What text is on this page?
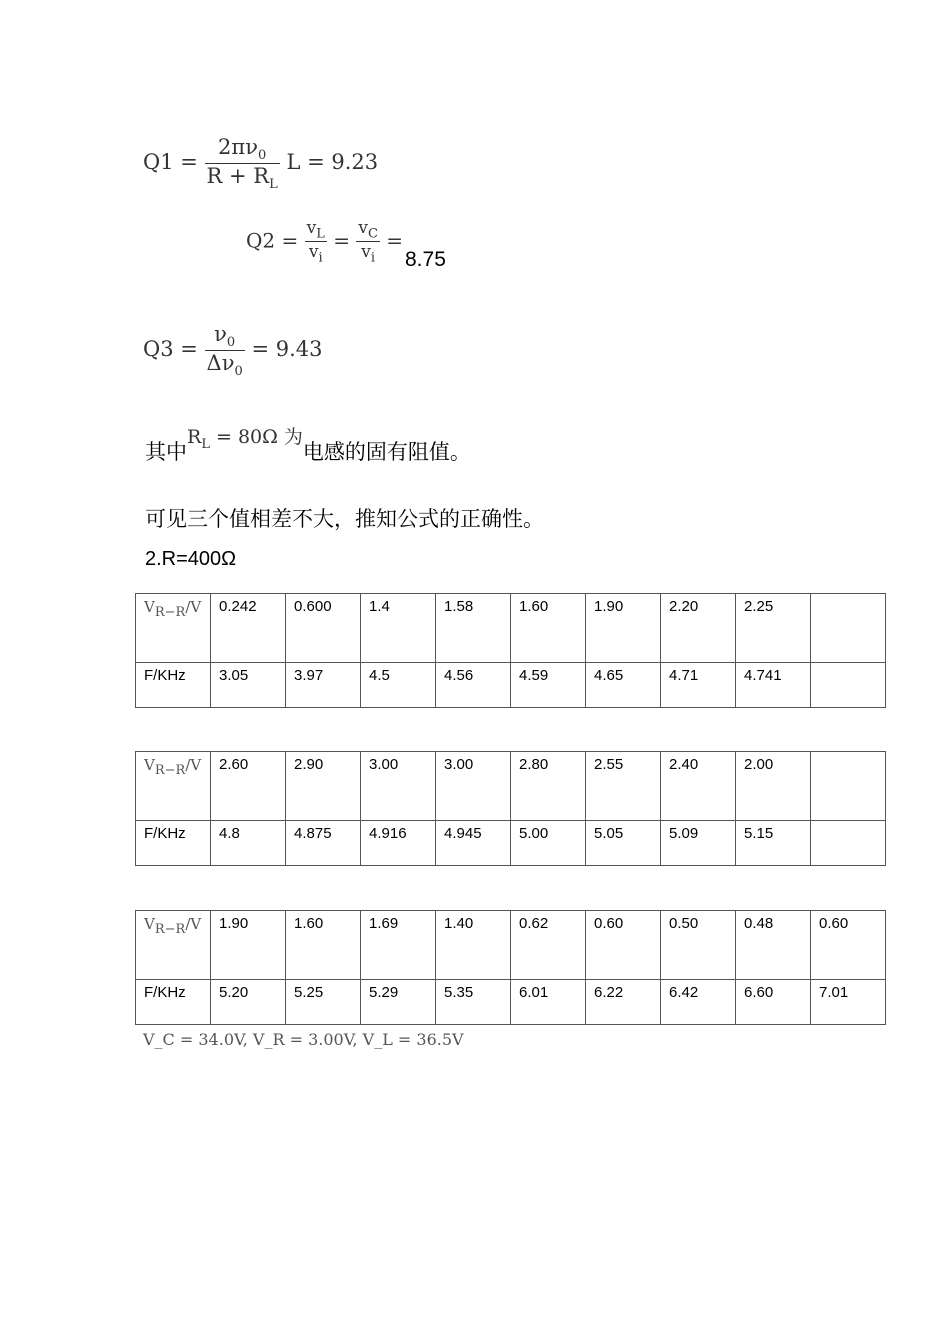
$Q1 = \frac{2\pi\nu_0}{R + R_L}$ L = 9.23
$Q2 = \frac{v_L}{v_i} = \frac{v_C}{v_i}$ =
8.75
$Q3 = \frac{\nu_0}{\Delta\nu_0} = 9.43$
其中$R_L = 80\Omega$ 为电感的固有阻值。
可见三个值相差不大，推知公式的正确性。
2.R=400Ω
$V_{R-R}/V$	0.242	0.600	1.4	1.58	1.60	1.90	2.20	2.25	
F/KHz	3.05	3.97	4.5	4.56	4.59	4.65	4.71	4.741	
$V_{R-R}/V$	2.60	2.90	3.00	3.00	2.80	2.55	2.40	2.00	
F/KHz	4.8	4.875	4.916	4.945	5.00	5.05	5.09	5.15	
$V_{R-R}/V$	1.90	1.60	1.69	1.40	0.62	0.60	0.50	0.48	0.60
F/KHz	5.20	5.25	5.29	5.35	6.01	6.22	6.42	6.60	7.01
V_C = 34.0V, V_R = 3.00V, V_L = 36.5V
